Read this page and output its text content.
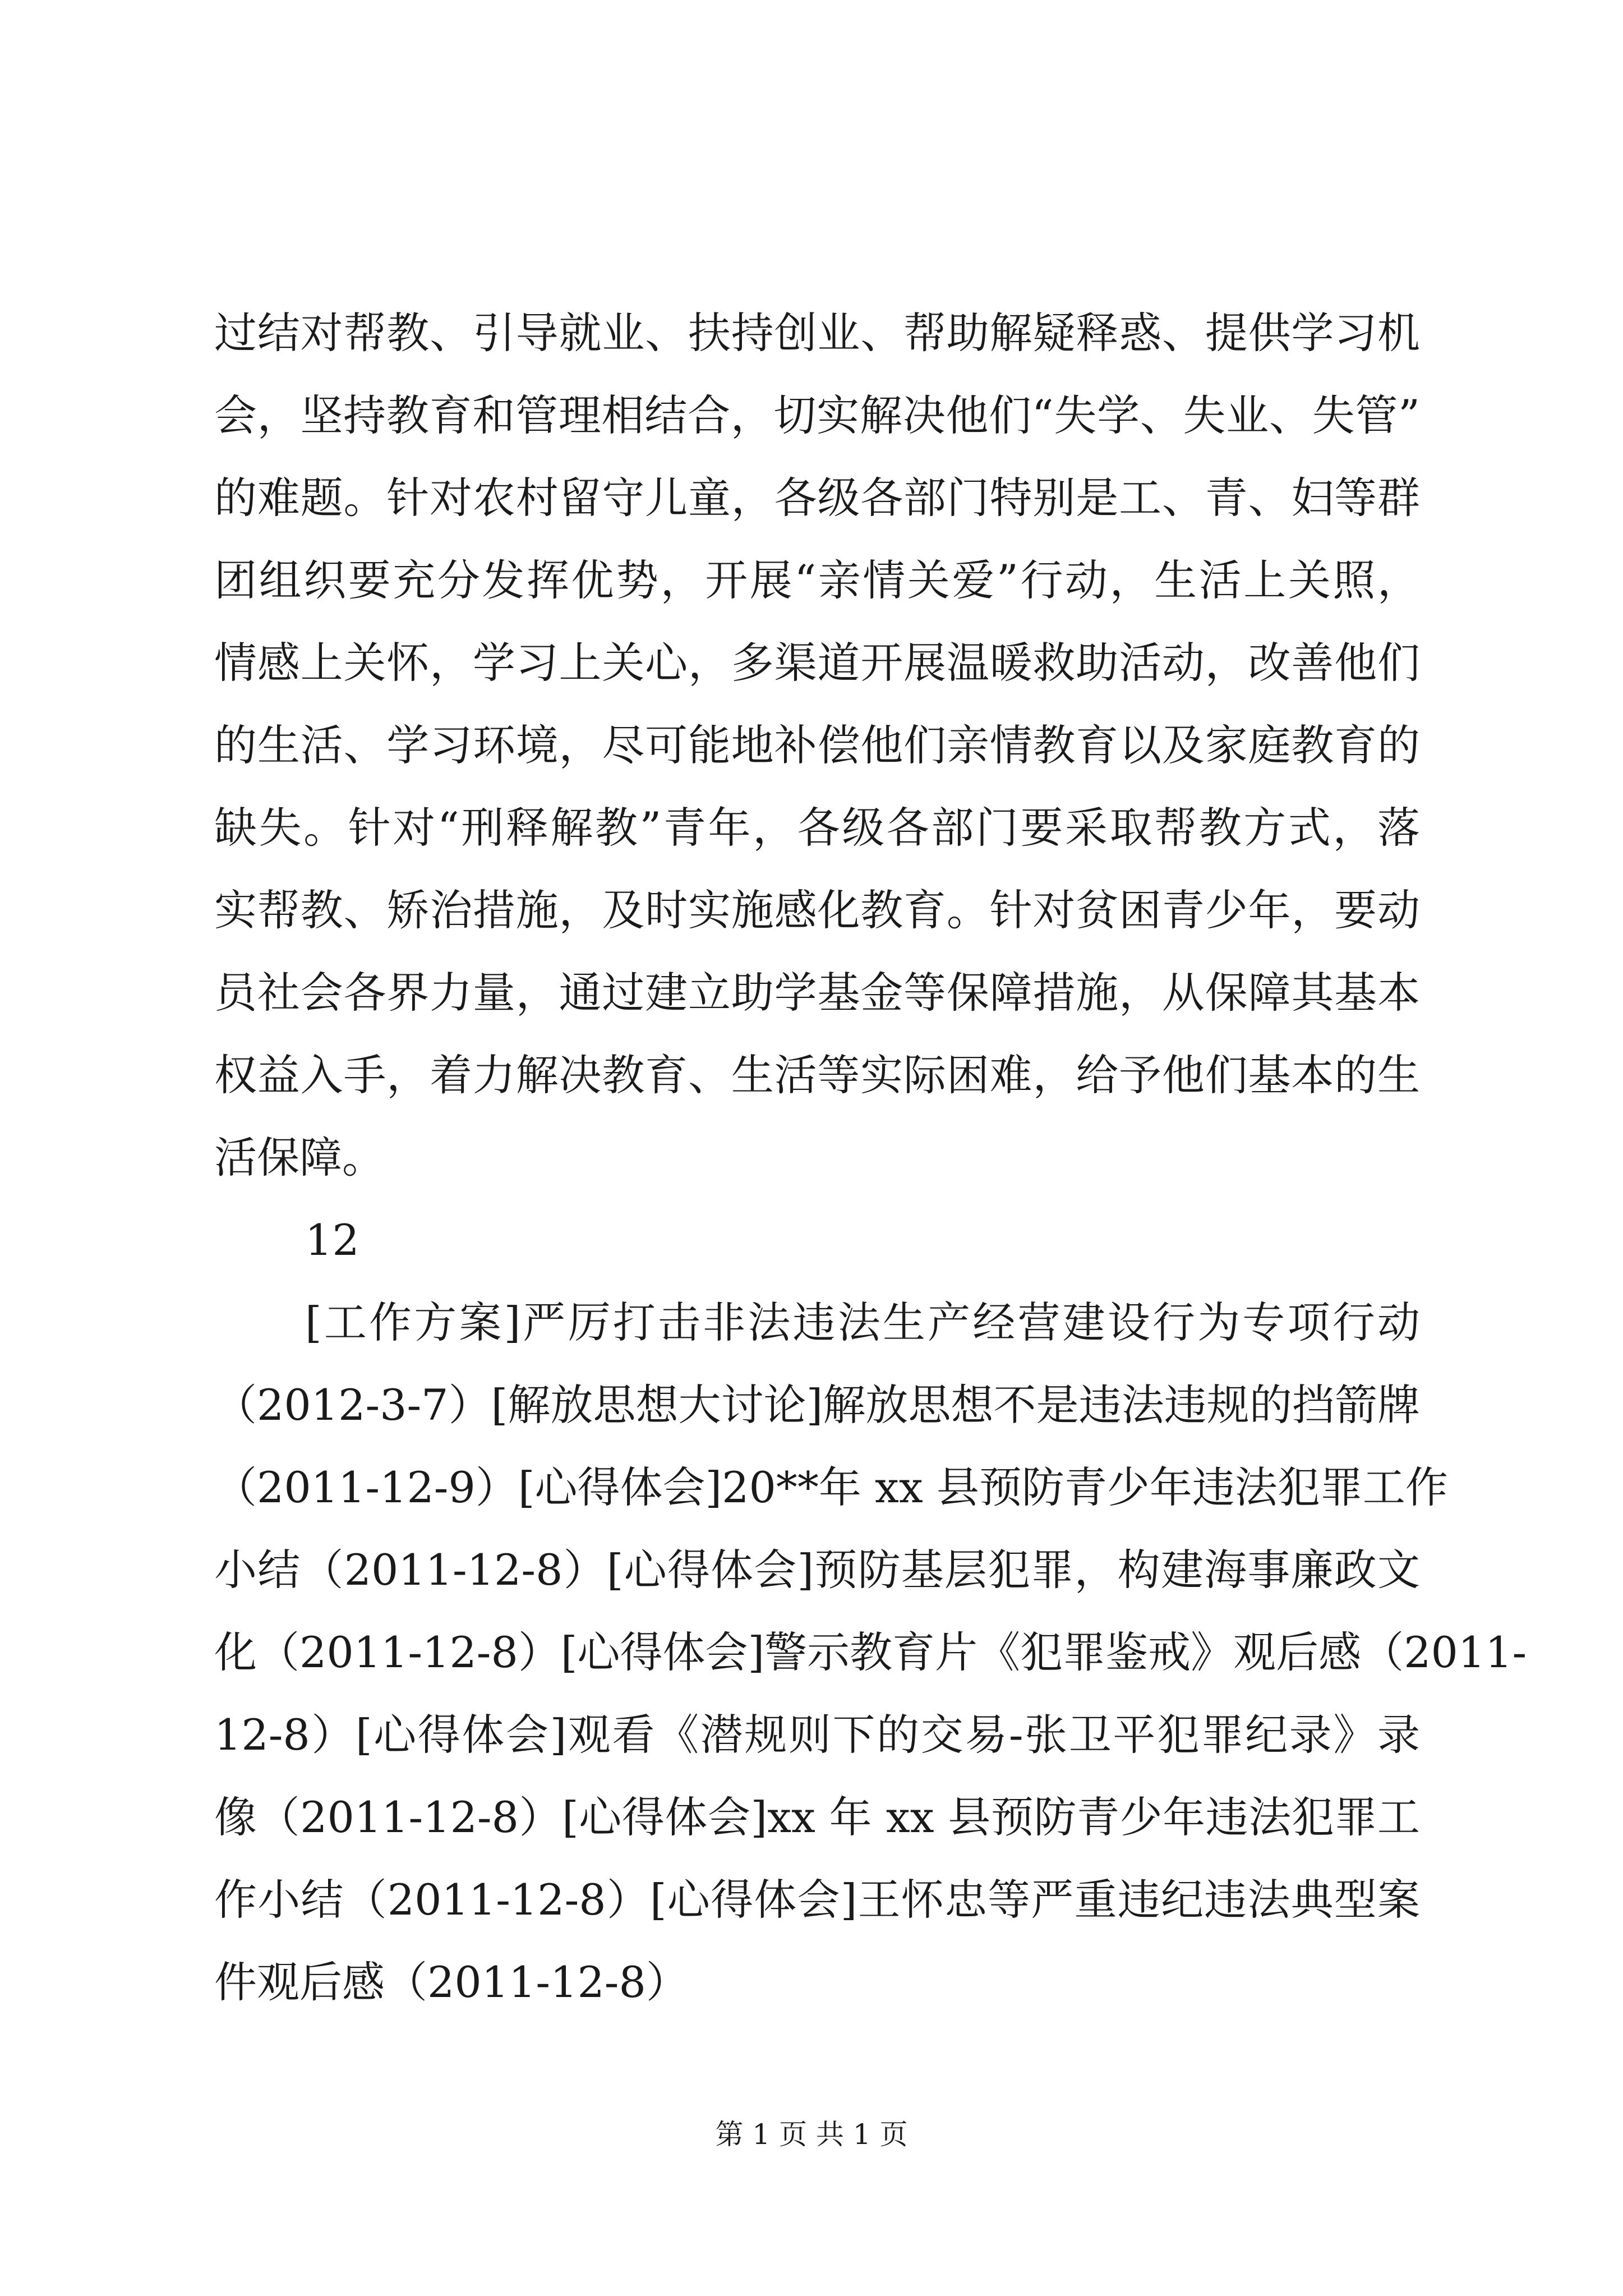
过结对帮教、引导就业、扶持创业、帮助解疑释惑、提供学习机
会，坚持教育和管理相结合，切实解决他们“失学、失业、失管”
的难题。针对农村留守儿童，各级各部门特别是工、青、妇等群
团组织要充分发挥优势，开展“亲情关爱”行动，生活上关照，
情感上关怀，学习上关心，多渠道开展温暖救助活动，改善他们
的生活、学习环境，尽可能地补偿他们亲情教育以及家庭教育的
缺失。针对“刑释解教”青年，各级各部门要采取帮教方式，落
实帮教、矫治措施，及时实施感化教育。针对贫困青少年，要动
员社会各界力量，通过建立助学基金等保障措施，从保障其基本
权益入手，着力解决教育、生活等实际困难，给予他们基本的生
活保障。
12
[工作方案]严厉打击非法违法生产经营建设行为专项行动
（2012-3-7）[解放思想大讨论]解放思想不是违法违规的挡箭牌
（2011-12-9）[心得体会]20**年 xx 县预防青少年违法犯罪工作
小结（2011-12-8）[心得体会]预防基层犯罪，构建海事廉政文
化（2011-12-8）[心得体会]警示教育片《犯罪鉴戒》观后感（2011-
12-8）[心得体会]观看《潜规则下的交易-张卫平犯罪纪录》录
像（2011-12-8）[心得体会]xx 年 xx 县预防青少年违法犯罪工
作小结（2011-12-8）[心得体会]王怀忠等严重违纪违法典型案
件观后感（2011-12-8）
第 1 页 共 1 页
